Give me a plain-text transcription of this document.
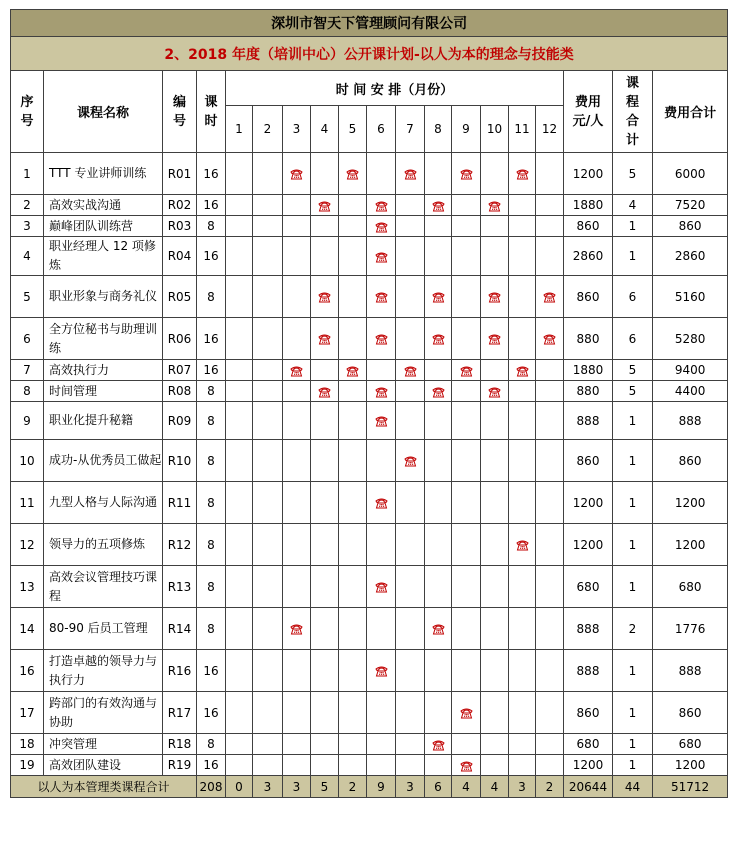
深圳市智天下管理顾问有限公司																		
2、2018 年度（培训中心）公开课计划-以人为本的理念与技能类																		
序号	课程名称	编号	课时	时 间 安 排（月份）												费用元/人	课程合计	费用合计
				1	2	3	4	5	6	7	8	9	10	11	12			
1	TTT 专业讲师训练	R01	16													1200	5	6000
2	高效实战沟通	R02	16													1880	4	7520
3	巅峰团队训练营	R03	8													860	1	860
4	职业经理人 12 项修炼	R04	16													2860	1	2860
5	职业形象与商务礼仪	R05	8													860	6	5160
6	全方位秘书与助理训练	R06	16													880	6	5280
7	高效执行力	R07	16													1880	5	9400
8	时间管理	R08	8													880	5	4400
9	职业化提升秘籍	R09	8													888	1	888
10	成功-从优秀员工做起	R10	8													860	1	860
11	九型人格与人际沟通	R11	8													1200	1	1200
12	领导力的五项修炼	R12	8													1200	1	1200
13	高效会议管理技巧课程	R13	8													680	1	680
14	80-90 后员工管理	R14	8													888	2	1776
16	打造卓越的领导力与执行力	R16	16													888	1	888
17	跨部门的有效沟通与协助	R17	16													860	1	860
18	冲突管理	R18	8													680	1	680
19	高效团队建设	R19	16													1200	1	1200
以人为本管理类课程合计			208	0	3	3	5	2	9	3	6	4	4	3	2	20644	44	51712
